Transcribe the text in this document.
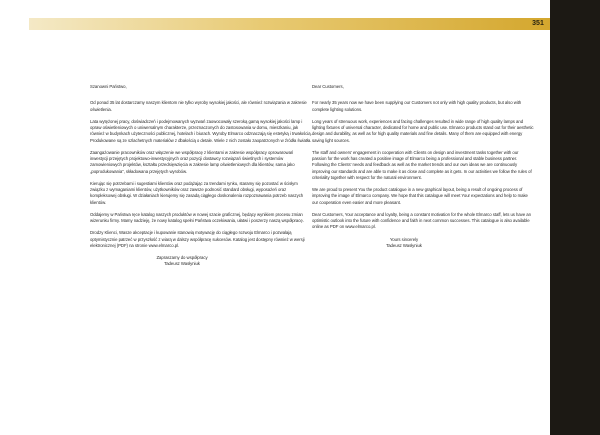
351

Szanowni Państwo,

Od ponad 35 lat dostarczamy naszym klientom nie tylko wyroby wysokiej jakości, ale również rozwiązania w zakresie oświetlenia.

Lata wytężonej pracy, doświadczeń i podejmowanych wyzwań zaowocowały szeroką gamą wysokiej jakości lamp i opraw oświetleniowych o uniwersalnym charakterze, przeznaczonych do zastosowania w domu, mieszkaniu, jak również w budynkach użyteczności publicznej, hotelach i biurach. Wyroby Elmarco odznaczają się estetyką i trwałością. Produkowane są ze szlachetnych materiałów z dbałością o detale. Wiele z nich zostało zaopatrzonych w źródła światła.

Zaangażowanie pracowników oraz włączenie we współpracę z klientami w zakresie współpracy oprowarowań inwestycji przejętych projektowo-inwestycyjnych oraz pozycji dostawcy rozwiązań świetlnych i systemów zamowieniowych projektów, kształtu przedsięwzięcia w zakresie lamp oświetleniowych dla klientów, sama jako „poprodukowania”, składowana przejętych wyrobów.

Kierując się potrzebami i sugestiami klientów oraz podążając za trendami rynku, staramy się pozostać w ścisłym związku z wymaganiami klientów, użytkowników oraz zawsze podnosić standard obsługi, wyposażeń oraz kompleksowej obsługi. W działaniach kierujemy się zasadą ciągłego doskonalenia rozpoznawania potrzeb naszych klientów.

Oddajemy w Państwa ręce katalog naszych produktów w nowej szacie graficznej, będący wynikiem procesu zmian wizerunku firmy. Mamy nadzieję, że nowy katalog spełni Państwa oczekiwania, ułatwi i poszerzy naszą współpracę.

Drodzy Klienci, Wasze akceptacje i kupowanie stanowią motywację do ciągłego rozwoju Elmarco i pozwalają optymistycznie patrzeć w przyszłość z wiarą w dalszy współpracę sukcesów. Katalog jest dostępny również w wersji elektronicznej (PDF) na stronie www.elmarco.pl.

Zapraszamy do współpracy

Tadeusz Wasłyniuk

Dear Customers,

For nearly 35 years now we have been supplying our Customers not only with high quality products, but also with complete lighting solutions.

Long years of strenuous work, experiences and facing challenges resulted in wide range of high quality lamps and lighting fixtures of universal character, dedicated for home and public use. Elmarco products stand out for their aesthetic design and durability, as well as for high quality materials and fine details. Many of them are equipped with energy saving light sources.

The staff and owners' engagement in cooperation with Clients on design and investment tasks together with our passion for the work has created a positive image of Elmarco being a professional and stable business partner. Following the Clients' needs and feedback as well as the market trends and our own ideas we are continuously improving our standards and are able to make it as close and complete as it gets. In our activities we follow the rules of criteriality together with respect for the natural environment.

We are proud to present You the product catalogue in a new graphical layout, being a result of ongoing process of improving the image of Elmarco company. We hope that this catalogue will meet Your expectations and help to make our cooperation even easier and more pleasant.

Dear Customers, Your acceptance and loyalty, being a constant motivation for the whole Elmarco staff, lets us have an optimistic outlook into the future with confidence and faith in next common successes. This catalogue is also available online as PDF on www.elmarco.pl.

Yours sincerely

Tadeusz Wasłyniuk
